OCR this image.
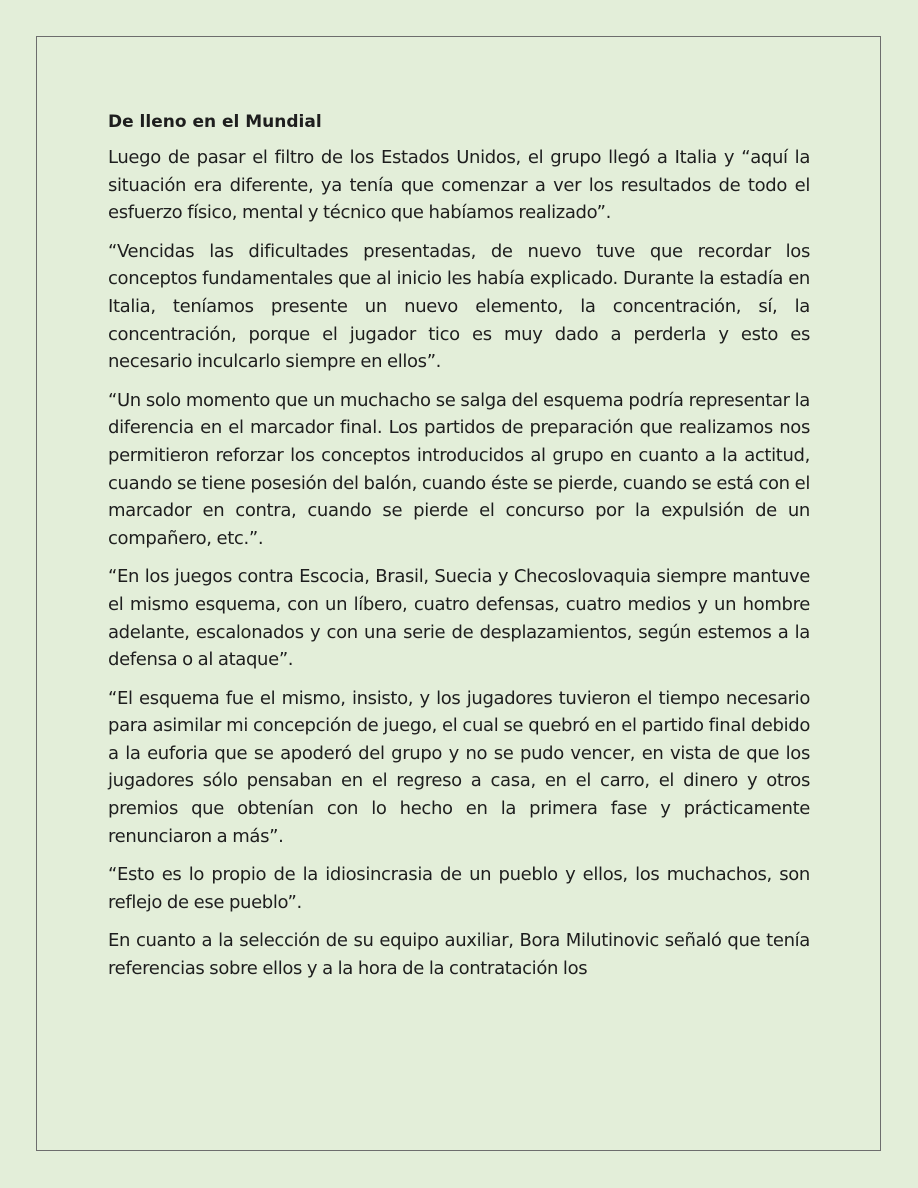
De lleno en el Mundial

Luego de pasar el filtro de los Estados Unidos, el grupo llegó a Italia y “aquí la situación era diferente, ya tenía que comenzar a ver los resultados de todo el esfuerzo físico, mental y técnico que habíamos realizado”.

“Vencidas las dificultades presentadas, de nuevo tuve que recordar los conceptos fundamentales que al inicio les había explicado. Durante la estadía en Italia, teníamos presente un nuevo elemento, la concentración, sí, la concentración, porque el jugador tico es muy dado a perderla y esto es necesario inculcarlo siempre en ellos”.

“Un solo momento que un muchacho se salga del esquema podría representar la diferencia en el marcador final. Los partidos de preparación que realizamos nos permitieron reforzar los conceptos introducidos al grupo en cuanto a la actitud, cuando se tiene posesión del balón, cuando éste se pierde, cuando se está con el marcador en contra, cuando se pierde el concurso por la expulsión de un compañero, etc.”.

“En los juegos contra Escocia, Brasil, Suecia y Checoslovaquia siempre mantuve el mismo esquema, con un líbero, cuatro defensas, cuatro medios y un hombre adelante, escalonados y con una serie de desplazamientos, según estemos a la defensa o al ataque”.

“El esquema fue el mismo, insisto, y los jugadores tuvieron el tiempo necesario para asimilar mi concepción de juego, el cual se quebró en el partido final debido a la euforia que se apoderó del grupo y no se pudo vencer, en vista de que los jugadores sólo pensaban en el regreso a casa, en el carro, el dinero y otros premios que obtenían con lo hecho en la primera fase y prácticamente renunciaron a más”.

“Esto es lo propio de la idiosincrasia de un pueblo y ellos, los muchachos, son reflejo de ese pueblo”.

En cuanto a la selección de su equipo auxiliar, Bora Milutinovic señaló que tenía referencias sobre ellos y a la hora de la contratación los
